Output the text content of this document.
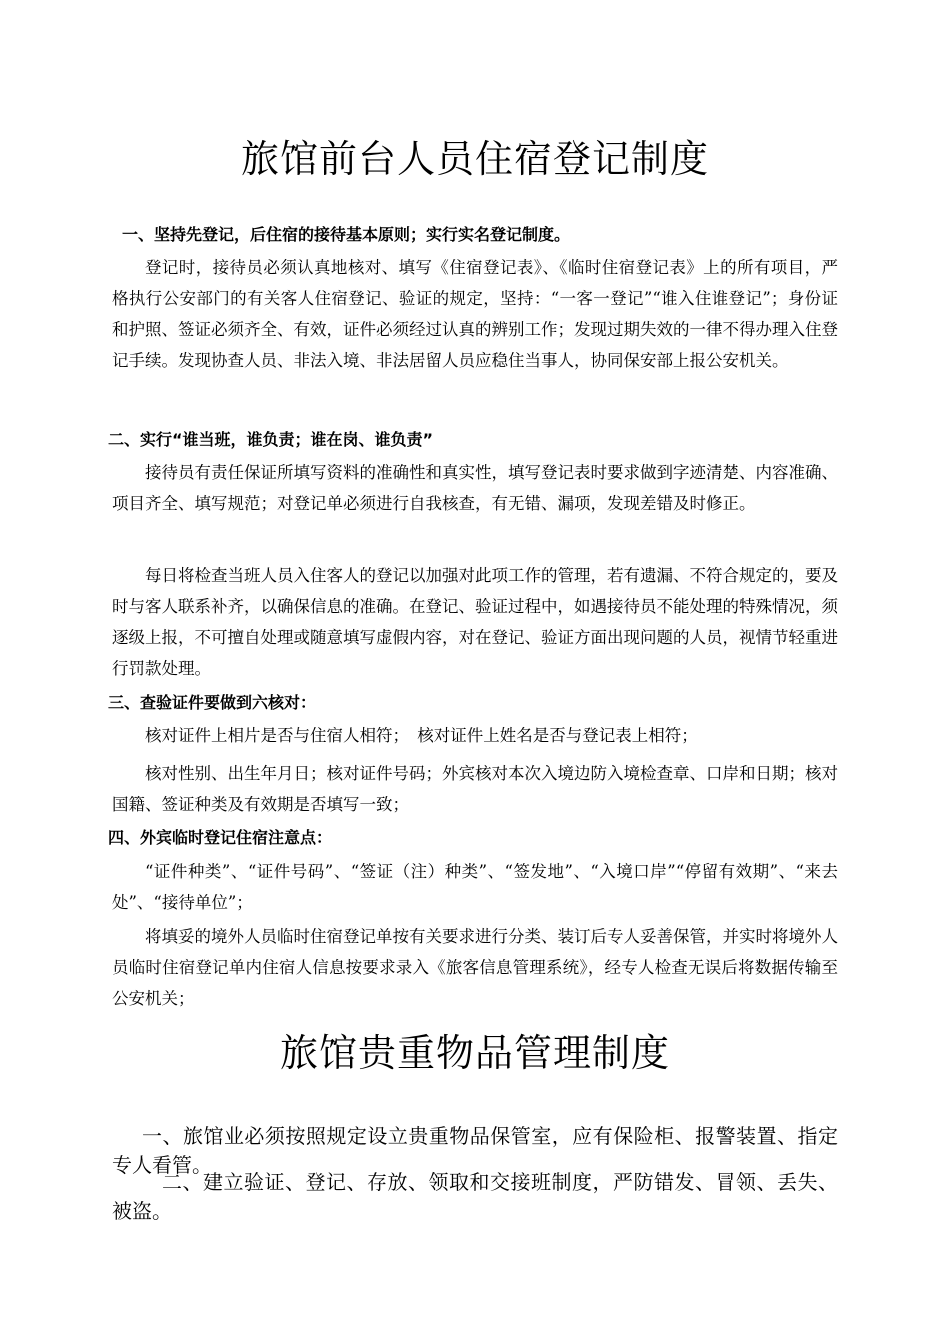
旅馆前台人员住宿登记制度
一、坚持先登记，后住宿的接待基本原则；实行实名登记制度。
登记时，接待员必须认真地核对、填写《住宿登记表》、《临时住宿登记表》上的所有项目，严 格执行公安部门的有关客人住宿登记、验证的规定，坚持：“一客一登记”“谁入住谁登记”；身份证和护照、签证必须齐全、有效，证件必须经过认真的辨别工作；发现过期失效的一律不得办理入住登记手续。发现协查人员、非法入境、非法居留人员应稳住当事人，协同保安部上报公安机关。
二、实行“谁当班，谁负责；谁在岗、谁负责”
接待员有责任保证所填写资料的准确性和真实性，填写登记表时要求做到字迹清楚、内容准确、项目齐全、填写规范；对登记单必须进行自我核查，有无错、漏项，发现差错及时修正。
每日将检查当班人员入住客人的登记以加强对此项工作的管理，若有遗漏、不符合规定的，要及时与客人联系补齐，以确保信息的准确。在登记、验证过程中，如遇接待员不能处理的特殊情况，须逐级上报，不可擅自处理或随意填写虚假内容，对在登记、验证方面出现问题的人员，视情节轻重进行罚款处理。
三、查验证件要做到六核对：
核对证件上相片是否与住宿人相符；　核对证件上姓名是否与登记表上相符；
核对性别、出生年月日；核对证件号码；外宾核对本次入境边防入境检查章、口岸和日期；核对国籍、签证种类及有效期是否填写一致；
四、外宾临时登记住宿注意点：
“证件种类”、“证件号码”、“签证（注）种类”、“签发地”、“入境口岸”“停留有效期”、“来去处”、“接待单位”；
将填妥的境外人员临时住宿登记单按有关要求进行分类、装订后专人妥善保管，并实时将境外人员临时住宿登记单内住宿人信息按要求录入《旅客信息管理系统》，经专人检查无误后将数据传输至公安机关；
旅馆贵重物品管理制度
一、旅馆业必须按照规定设立贵重物品保管室，应有保险柜、报警装置、指定专人看管。
二、建立验证、登记、存放、领取和交接班制度，严防错发、冒领、丢失、被盗。
